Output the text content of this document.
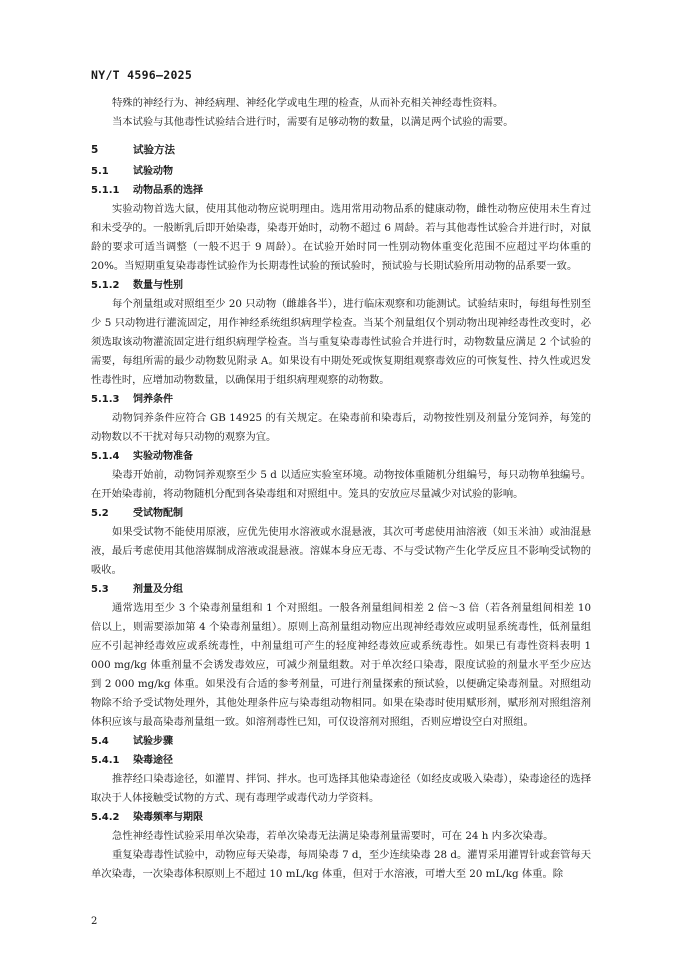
NY/T 4596—2025

特殊的神经行为、神经病理、神经化学或电生理的检查，从而补充相关神经毒性资料。

当本试验与其他毒性试验结合进行时，需要有足够动物的数量，以满足两个试验的需要。

5	试验方法
5.1 试验动物
5.1.1 动物品系的选择

实验动物首选大鼠，使用其他动物应说明理由。选用常用动物品系的健康动物，雌性动物应使用未生育过和未受孕的。一般断乳后即开始染毒，染毒开始时，动物不超过 6 周龄。若与其他毒性试验合并进行时，对鼠龄的要求可适当调整（一般不迟于 9 周龄）。在试验开始时同一性别动物体重变化范围不应超过平均体重的 20%。当短期重复染毒毒性试验作为长期毒性试验的预试验时，预试验与长期试验所用动物的品系要一致。

5.1.2 数量与性别

每个剂量组或对照组至少 20 只动物（雌雄各半），进行临床观察和功能测试。试验结束时，每组每性别至少 5 只动物进行灌流固定，用作神经系统组织病理学检查。当某个剂量组仅个别动物出现神经毒性改变时，必须选取该动物灌流固定进行组织病理学检查。当与重复染毒毒性试验合并进行时，动物数量应满足 2 个试验的需要，每组所需的最少动物数见附录 A。如果设有中期处死或恢复期组观察毒效应的可恢复性、持久性或迟发性毒性时，应增加动物数量，以确保用于组织病理观察的动物数。

5.1.3 饲养条件

动物饲养条件应符合 GB 14925 的有关规定。在染毒前和染毒后，动物按性别及剂量分笼饲养，每笼的动物数以不干扰对每只动物的观察为宜。

5.1.4 实验动物准备

染毒开始前，动物饲养观察至少 5 d 以适应实验室环境。动物按体重随机分组编号，每只动物单独编号。在开始染毒前，将动物随机分配到各染毒组和对照组中。笼具的安放应尽量减少对试验的影响。

5.2 受试物配制

如果受试物不能使用原液，应优先使用水溶液或水混悬液，其次可考虑使用油溶液（如玉米油）或油混悬液，最后考虑使用其他溶媒制成溶液或混悬液。溶媒本身应无毒、不与受试物产生化学反应且不影响受试物的吸收。

5.3 剂量及分组

通常选用至少 3 个染毒剂量组和 1 个对照组。一般各剂量组间相差 2 倍～3 倍（若各剂量组间相差 10 倍以上，则需要添加第 4 个染毒剂量组）。原则上高剂量组动物应出现神经毒效应或明显系统毒性，低剂量组应不引起神经毒效应或系统毒性，中剂量组可产生的轻度神经毒效应或系统毒性。如果已有毒性资料表明 1 000 mg/kg 体重剂量不会诱发毒效应，可减少剂量组数。对于单次经口染毒，限度试验的剂量水平至少应达到 2 000 mg/kg 体重。如果没有合适的参考剂量，可进行剂量探索的预试验，以便确定染毒剂量。对照组动物除不给予受试物处理外，其他处理条件应与染毒组动物相同。如果在染毒时使用赋形剂，赋形剂对照组溶剂体积应该与最高染毒剂量组一致。如溶剂毒性已知，可仅设溶剂对照组，否则应增设空白对照组。

5.4 试验步骤
5.4.1 染毒途径

推荐经口染毒途径，如灌胃、拌饲、拌水。也可选择其他染毒途径（如经皮或吸入染毒），染毒途径的选择取决于人体接触受试物的方式、现有毒理学或毒代动力学资料。

5.4.2 染毒频率与期限

急性神经毒性试验采用单次染毒，若单次染毒无法满足染毒剂量需要时，可在 24 h 内多次染毒。

重复染毒毒性试验中，动物应每天染毒，每周染毒 7 d，至少连续染毒 28 d。灌胃采用灌胃针或套管每天单次染毒，一次染毒体积原则上不超过 10 mL/kg 体重，但对于水溶液，可增大至 20 mL/kg 体重。除

2
